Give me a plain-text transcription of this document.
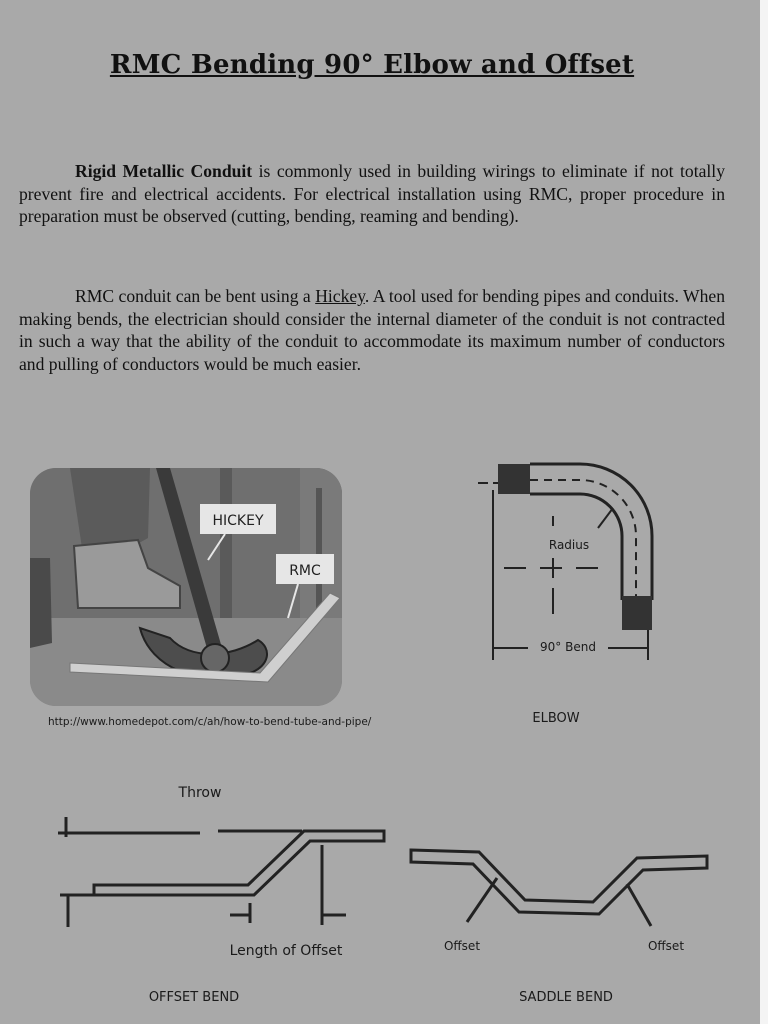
RMC Bending 90° Elbow and Offset
Rigid Metallic Conduit is commonly used in building wirings to eliminate if not totally prevent fire and electrical accidents. For electrical installation using RMC, proper procedure in preparation must be observed (cutting, bending, reaming and bending).
RMC conduit can be bent using a Hickey. A tool used for bending pipes and conduits. When making bends, the electrician should consider the internal diameter of the conduit is not contracted in such a way that the ability of the conduit to accommodate its maximum number of conductors and pulling of conductors would be much easier.
HICKEY
RMC
http://www.homedepot.com/c/ah/how-to-bend-tube-and-pipe/
Radius
90° Bend
ELBOW
Throw
Length of Offset
OFFSET BEND
Offset	Offset
SADDLE BEND
